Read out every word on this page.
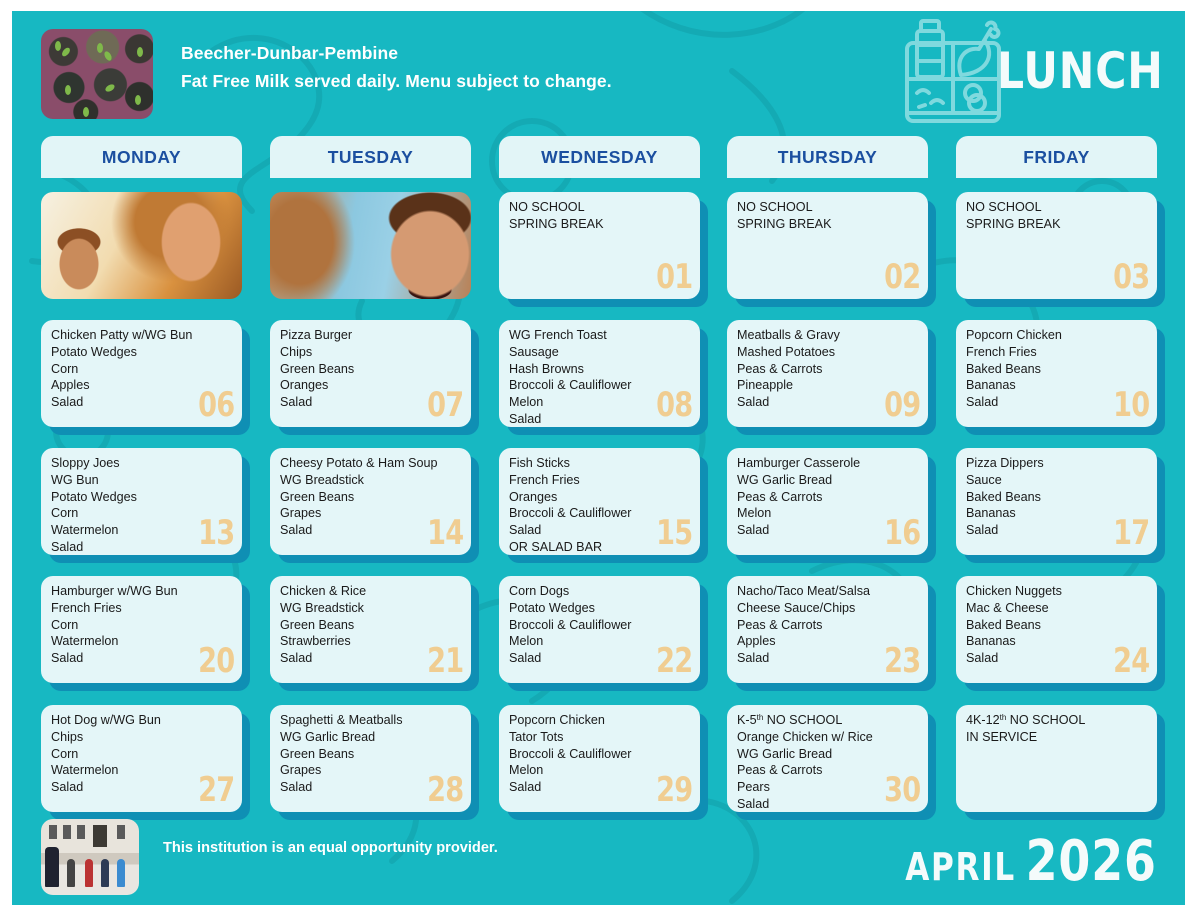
Beecher-Dunbar-Pembine
Fat Free Milk served daily. Menu subject to change.	LUNCH
MONDAY	TUESDAY	WEDNESDAY	THURSDAY	FRIDAY
NO SCHOOL
SPRING BREAK
01
NO SCHOOL
SPRING BREAK
02
NO SCHOOL
SPRING BREAK
03
Chicken Patty w/WG Bun
Potato Wedges
Corn
Apples
Salad	06
Pizza Burger
Chips
Green Beans
Oranges
Salad	07
WG French Toast
Sausage
Hash Browns
Broccoli & Cauliflower
Melon
Salad	08
Meatballs & Gravy
Mashed Potatoes
Peas & Carrots
Pineapple
Salad	09
Popcorn Chicken
French Fries
Baked Beans
Bananas
Salad	10
Sloppy Joes
WG Bun
Potato Wedges
Corn
Watermelon
Salad	13
Cheesy Potato & Ham Soup
WG Breadstick
Green Beans
Grapes
Salad	14
Fish Sticks
French Fries
Oranges
Broccoli & Cauliflower
Salad
OR SALAD BAR	15
Hamburger Casserole
WG Garlic Bread
Peas & Carrots
Melon
Salad	16
Pizza Dippers
Sauce
Baked Beans
Bananas
Salad	17
Hamburger w/WG Bun
French Fries
Corn
Watermelon
Salad	20
Chicken & Rice
WG Breadstick
Green Beans
Strawberries
Salad	21
Corn Dogs
Potato Wedges
Broccoli & Cauliflower
Melon
Salad	22
Nacho/Taco Meat/Salsa
Cheese Sauce/Chips
Peas & Carrots
Apples
Salad	23
Chicken Nuggets
Mac & Cheese
Baked Beans
Bananas
Salad	24
Hot Dog w/WG Bun
Chips
Corn
Watermelon
Salad	27
Spaghetti & Meatballs
WG Garlic Bread
Green Beans
Grapes
Salad	28
Popcorn Chicken
Tator Tots
Broccoli & Cauliflower
Melon
Salad	29
K-5th NO SCHOOL
Orange Chicken w/ Rice
WG Garlic Bread
Peas & Carrots
Pears
Salad	30
4K-12th NO SCHOOL
IN SERVICE
This institution is an equal opportunity provider.	APRIL 2026
